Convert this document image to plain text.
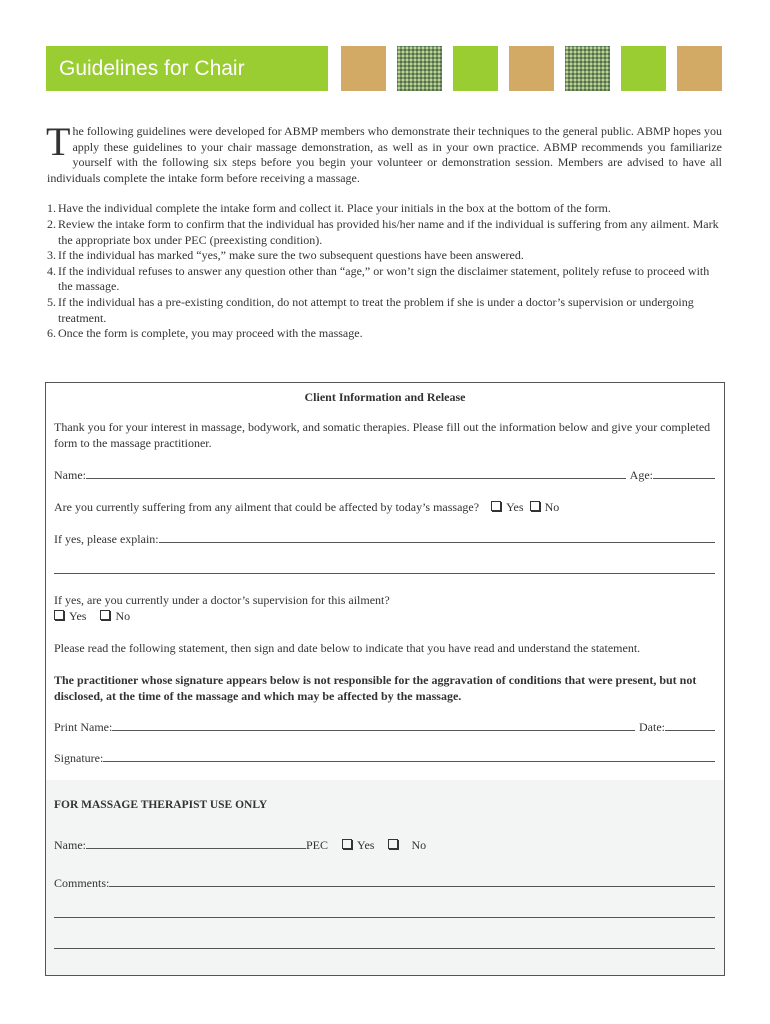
Guidelines for Chair Massage

T he following guidelines were developed for ABMP members who demonstrate their techniques to the general public. ABMP hopes you apply these guidelines to your chair massage demonstration, as well as in your own practice. ABMP recommends you familiarize yourself with the following six steps before you begin your volunteer or demonstration session. Members are advised to have all individuals complete the intake form before receiving a massage.

1. Have the individual complete the intake form and collect it. Place your initials in the box at the bottom of the form.
2. Review the intake form to confirm that the individual has provided his/her name and if the individual is suffering from any ailment. Mark the appropriate box under PEC (preexisting condition).
3. If the individual has marked “yes,” make sure the two subsequent questions have been answered.
4. If the individual refuses to answer any question other than “age,” or won’t sign the disclaimer statement, politely refuse to proceed with the massage.
5. If the individual has a pre-existing condition, do not attempt to treat the problem if she is under a doctor’s supervision or undergoing treatment.
6. Once the form is complete, you may proceed with the massage.
Client Information and Release
Thank you for your interest in massage, bodywork, and somatic therapies. Please fill out the information below and give your completed form to the massage practitioner.
Name:	Age:
Are you currently suffering from any ailment that could be affected by today’s massage? Yes No
If yes, please explain:
If yes, are you currently under a doctor’s supervision for this ailment?
Yes No
Please read the following statement, then sign and date below to indicate that you have read and understand the statement.
The practitioner whose signature appears below is not responsible for the aggravation of conditions that were present, but not disclosed, at the time of the massage and which may be affected by the massage.
Print Name:	Date:
Signature:
FOR MASSAGE THERAPIST USE ONLY
Name:	PEC Yes	No
Comments:
